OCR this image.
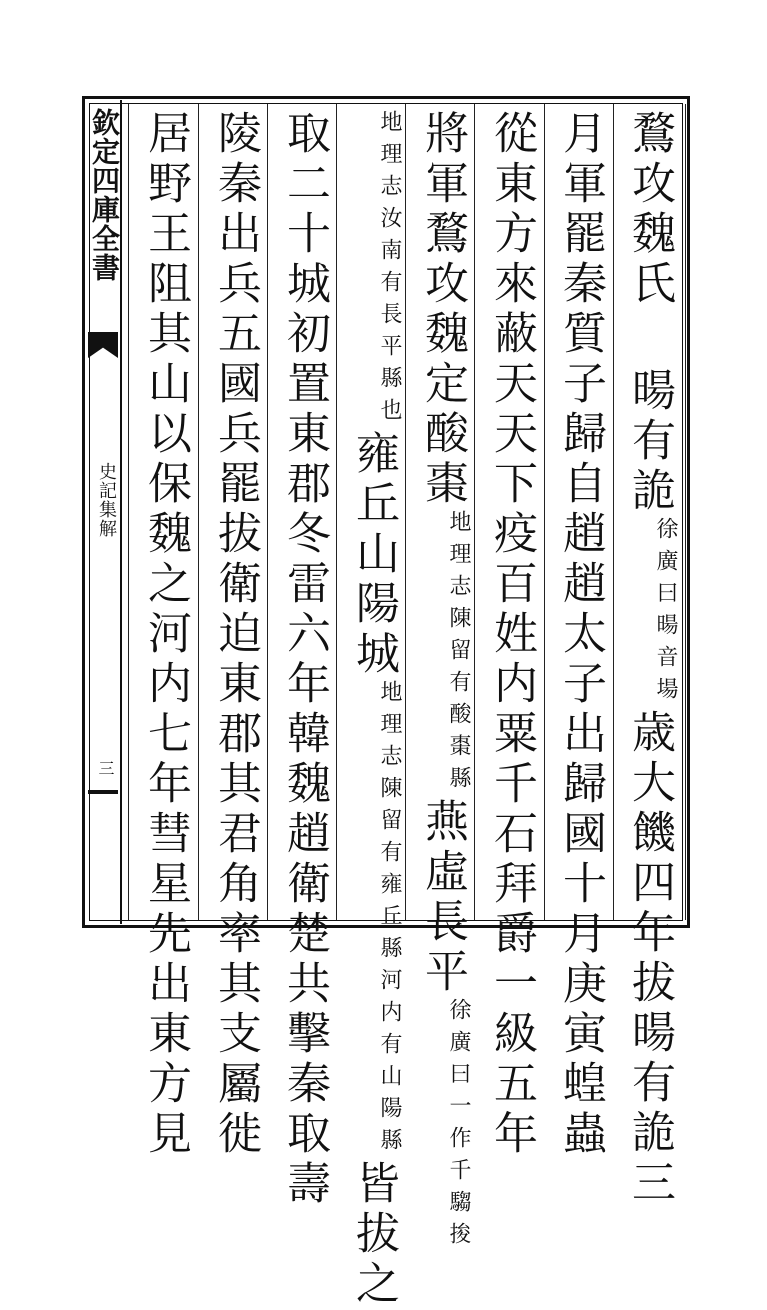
欽定四庫全書
史記集解
三
鶩攻魏氏 暘有詭徐廣曰暘音場歳大饑四年拔暘有詭三
月軍罷秦質子歸自趙趙太子出歸國十月庚寅蝗蟲
從東方來蔽天天下疫百姓内粟千石拜爵一級五年
將軍鶩攻魏定酸棗地理志陳留有酸棗縣燕虛長平徐廣曰一作千騶捘
地理志汝南有長平縣也雍丘山陽城地理志陳留有雍丘縣河内有山陽縣皆拔之
取二十城初置東郡冬雷六年韓魏趙衛楚共擊秦取壽
陵秦出兵五國兵罷拔衛迫東郡其君角率其支屬徙
居野王阻其山以保魏之河内七年彗星先出東方見
